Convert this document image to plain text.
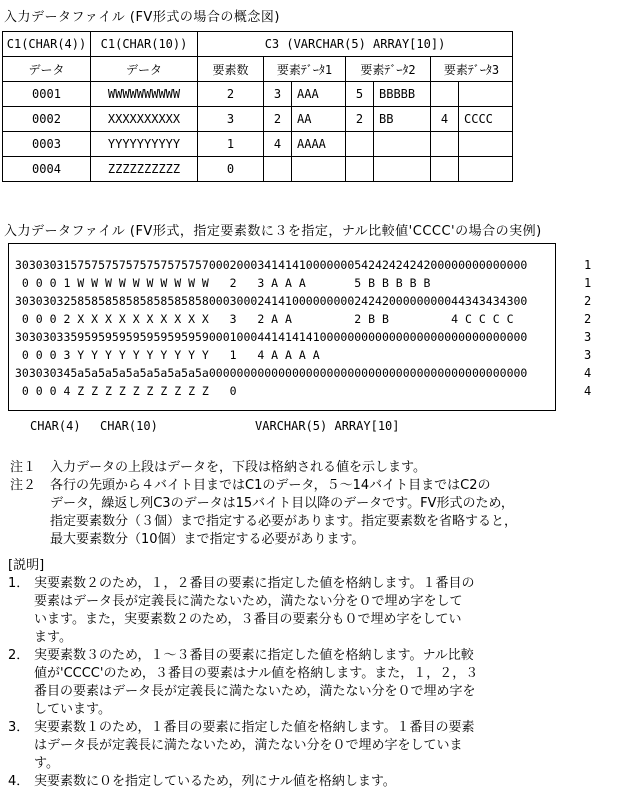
入力データファイル (FV形式の場合の概念図)
C1(CHAR(4))	C1(CHAR(10))	C3 (VARCHAR(5) ARRAY[10])						
データ	データ	要素数	要素ﾃﾞｰﾀ1		要素ﾃﾞｰﾀ2		要素ﾃﾞｰﾀ3	
0001	WWWWWWWWWW	2	3	AAA	5	BBBBB		
0002	XXXXXXXXXX	3	2	AA	2	BB	4	CCCC
0003	YYYYYYYYYY	1	4	AAAA				
0004	ZZZZZZZZZZ	0						
入力データファイル (FV形式，指定要素数に３を指定，ナル比較値'CCCC'の場合の実例)
30303031575757575757575757570002000341414100000005424242424200000000000000
0 0 0 1 W W W W W W W W W W   2   3 A A A       5 B B B B B
30303032585858585858585858580003000241410000000002424200000000044343434300
0 0 0 2 X X X X X X X X X X   3   2 A A         2 B B         4 C C C C
30303033595959595959595959590001000441414141000000000000000000000000000000
0 0 0 3 Y Y Y Y Y Y Y Y Y Y   1   4 A A A A
303030345a5a5a5a5a5a5a5a5a5a0000000000000000000000000000000000000000000000
0 0 0 4 Z Z Z Z Z Z Z Z Z Z   0
1
1
2
2
3
3
4
4
CHAR(4) CHAR(10)	VARCHAR(5) ARRAY[10]
注１	入力データの上段はデータを，下段は格納される値を示します。
注２	各行の先頭から４バイト目まではC1のデータ，５～14バイト目まではC2の
データ，繰返し列C3のデータは15バイト目以降のデータです。FV形式のため，
指定要素数分（３個）まで指定する必要があります。指定要素数を省略すると，
最大要素数分（10個）まで指定する必要があります。
[説明]
1． 実要素数２のため，１，２番目の要素に指定した値を格納します。１番目の
要素はデータ長が定義長に満たないため，満たない分を０で埋め字をして
います。また，実要素数２のため，３番目の要素分も０で埋め字をしてい
ます。
2． 実要素数３のため，１～３番目の要素に指定した値を格納します。ナル比較
値が'CCCC'のため，３番目の要素はナル値を格納します。また，１，２，３
番目の要素はデータ長が定義長に満たないため，満たない分を０で埋め字を
しています。
3． 実要素数１のため，１番目の要素に指定した値を格納します。１番目の要素
はデータ長が定義長に満たないため，満たない分を０で埋め字をしていま
す。
4． 実要素数に０を指定しているため，列にナル値を格納します。
